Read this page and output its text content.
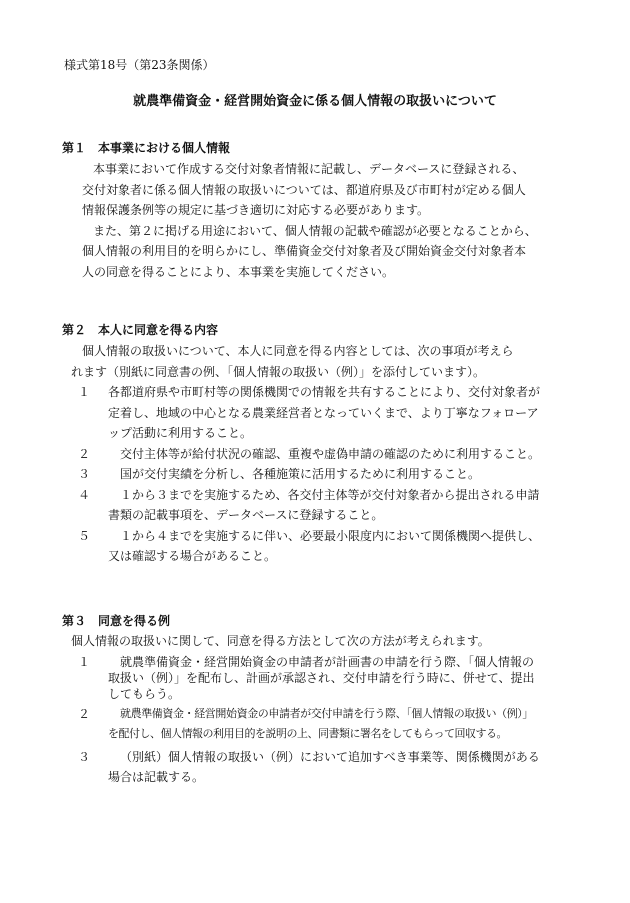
様式第18号（第23条関係）
就農準備資金・経営開始資金に係る個人情報の取扱いについて
第１ 本事業における個人情報
本事業において作成する交付対象者情報に記載し、データベースに登録される、
交付対象者に係る個人情報の取扱いについては、都道府県及び市町村が定める個人
情報保護条例等の規定に基づき適切に対応する必要があります。
また、第２に掲げる用途において、個人情報の記載や確認が必要となることから、
個人情報の利用目的を明らかにし、準備資金交付対象者及び開始資金交付対象者本
人の同意を得ることにより、本事業を実施してください。
第２ 本人に同意を得る内容
個人情報の取扱いについて、本人に同意を得る内容としては、次の事項が考えら
れます（別紙に同意書の例、「個人情報の取扱い（例）」を添付しています）。
１	各都道府県や市町村等の関係機関での情報を共有することにより、交付対象者が
定着し、地域の中心となる農業経営者となっていくまで、より丁寧なフォローア
ップ活動に利用すること。
２	交付主体等が給付状況の確認、重複や虚偽申請の確認のために利用すること。
３	国が交付実績を分析し、各種施策に活用するために利用すること。
４	１から３までを実施するため、各交付主体等が交付対象者から提出される申請
書類の記載事項を、データベースに登録すること。
５	１から４までを実施するに伴い、必要最小限度内において関係機関へ提供し、
又は確認する場合があること。
第３ 同意を得る例
個人情報の取扱いに関して、同意を得る方法として次の方法が考えられます。
１	就農準備資金・経営開始資金の申請者が計画書の申請を行う際、「個人情報の
取扱い（例）」を配布し、計画が承認され、交付申請を行う時に、併せて、提出
してもらう。
２	就農準備資金・経営開始資金の申請者が交付申請を行う際、「個人情報の取扱い（例）」
を配付し、個人情報の利用目的を説明の上、同書類に署名をしてもらって回収する。
３	（別紙）個人情報の取扱い（例）において追加すべき事業等、関係機関がある
場合は記載する。
